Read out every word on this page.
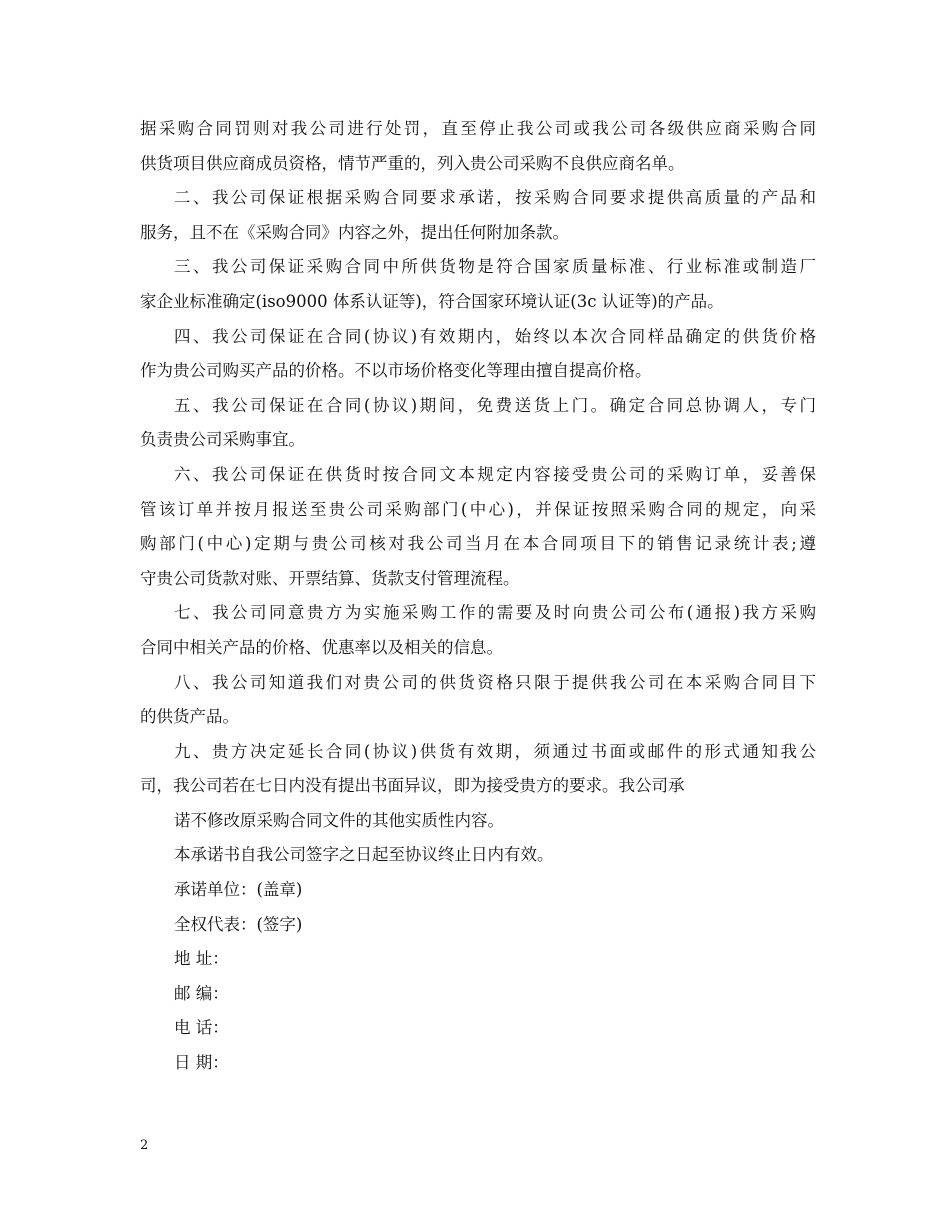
据采购合同罚则对我公司进行处罚，直至停止我公司或我公司各级供应商采购合同
供货项目供应商成员资格，情节严重的，列入贵公司采购不良供应商名单。
二、我公司保证根据采购合同要求承诺，按采购合同要求提供高质量的产品和
服务，且不在《采购合同》内容之外，提出任何附加条款。
三、我公司保证采购合同中所供货物是符合国家质量标准、行业标准或制造厂
家企业标准确定(iso9000 体系认证等)，符合国家环境认证(3c 认证等)的产品。
四、我公司保证在合同(协议)有效期内，始终以本次合同样品确定的供货价格
作为贵公司购买产品的价格。不以市场价格变化等理由擅自提高价格。
五、我公司保证在合同(协议)期间，免费送货上门。确定合同总协调人，专门
负责贵公司采购事宜。
六、我公司保证在供货时按合同文本规定内容接受贵公司的采购订单，妥善保
管该订单并按月报送至贵公司采购部门(中心)，并保证按照采购合同的规定，向采
购部门(中心)定期与贵公司核对我公司当月在本合同项目下的销售记录统计表;遵
守贵公司货款对账、开票结算、货款支付管理流程。
七、我公司同意贵方为实施采购工作的需要及时向贵公司公布(通报)我方采购
合同中相关产品的价格、优惠率以及相关的信息。
八、我公司知道我们对贵公司的供货资格只限于提供我公司在本采购合同目下
的供货产品。
九、贵方决定延长合同(协议)供货有效期，须通过书面或邮件的形式通知我公
司，我公司若在七日内没有提出书面异议，即为接受贵方的要求。我公司承
诺不修改原采购合同文件的其他实质性内容。
本承诺书自我公司签字之日起至协议终止日内有效。
承诺单位：(盖章)
全权代表：(签字)
地 址：
邮 编：
电 话：
日 期：
2
